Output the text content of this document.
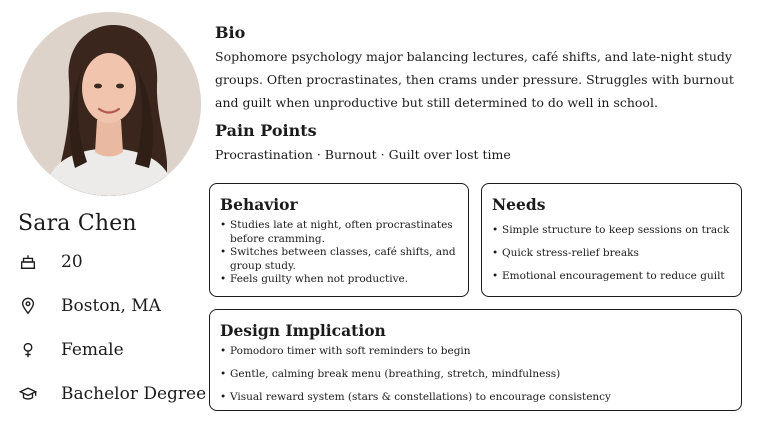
Sara Chen
20
Boston, MA
Female
Bachelor Degree
Bio
Sophomore psychology major balancing lectures, café shifts, and late-night study groups. Often procrastinates, then crams under pressure. Struggles with burnout and guilt when unproductive but still determined to do well in school.
Pain Points
Procrastination · Burnout · Guilt over lost time
Behavior
• Studies late at night, often procrastinates before cramming.
• Switches between classes, café shifts, and group study.
• Feels guilty when not productive.
Needs
• Simple structure to keep sessions on track
• Quick stress-relief breaks
• Emotional encouragement to reduce guilt
Design Implication
• Pomodoro timer with soft reminders to begin
• Gentle, calming break menu (breathing, stretch, mindfulness)
• Visual reward system (stars & constellations) to encourage consistency
